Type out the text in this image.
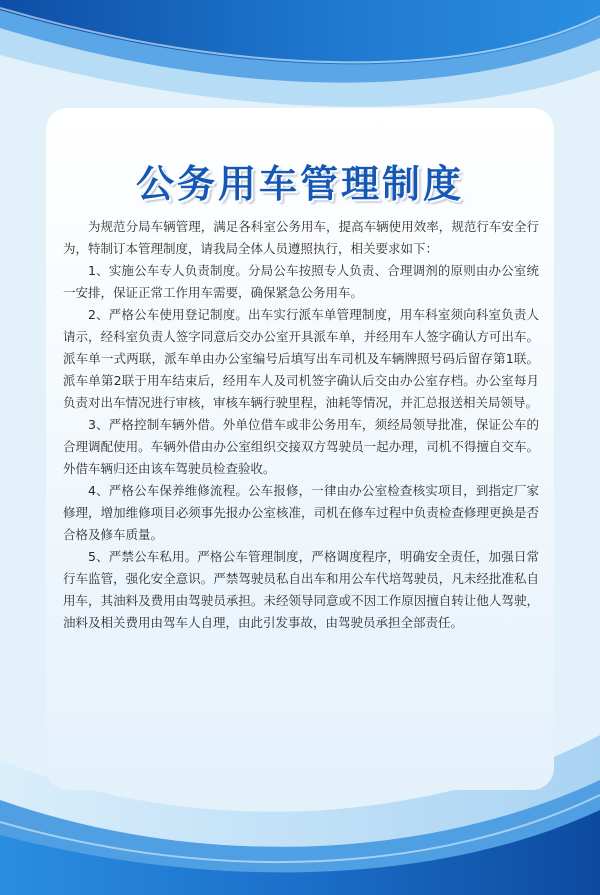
公务用车管理制度

为规范分局车辆管理，满足各科室公务用车，提高车辆使用效率，规范行车安全行为，特制订本管理制度，请我局全体人员遵照执行，相关要求如下：

1、实施公车专人负责制度。分局公车按照专人负责、合理调剂的原则由办公室统一安排，保证正常工作用车需要，确保紧急公务用车。

2、严格公车使用登记制度。出车实行派车单管理制度，用车科室须向科室负责人请示，经科室负责人签字同意后交办公室开具派车单，并经用车人签字确认方可出车。派车单一式两联，派车单由办公室编号后填写出车司机及车辆牌照号码后留存第1联。派车单第2联于用车结束后，经用车人及司机签字确认后交由办公室存档。办公室每月负责对出车情况进行审核，审核车辆行驶里程，油耗等情况，并汇总报送相关局领导。

3、严格控制车辆外借。外单位借车或非公务用车，须经局领导批准，保证公车的合理调配使用。车辆外借由办公室组织交接双方驾驶员一起办理，司机不得擅自交车。外借车辆归还由该车驾驶员检查验收。

4、严格公车保养维修流程。公车报修，一律由办公室检查核实项目，到指定厂家修理，增加维修项目必须事先报办公室核准，司机在修车过程中负责检查修理更换是否合格及修车质量。

5、严禁公车私用。严格公车管理制度，严格调度程序，明确安全责任，加强日常行车监管，强化安全意识。严禁驾驶员私自出车和用公车代培驾驶员，凡未经批准私自用车，其油料及费用由驾驶员承担。未经领导同意或不因工作原因擅自转让他人驾驶，油料及相关费用由驾车人自理，由此引发事故，由驾驶员承担全部责任。
